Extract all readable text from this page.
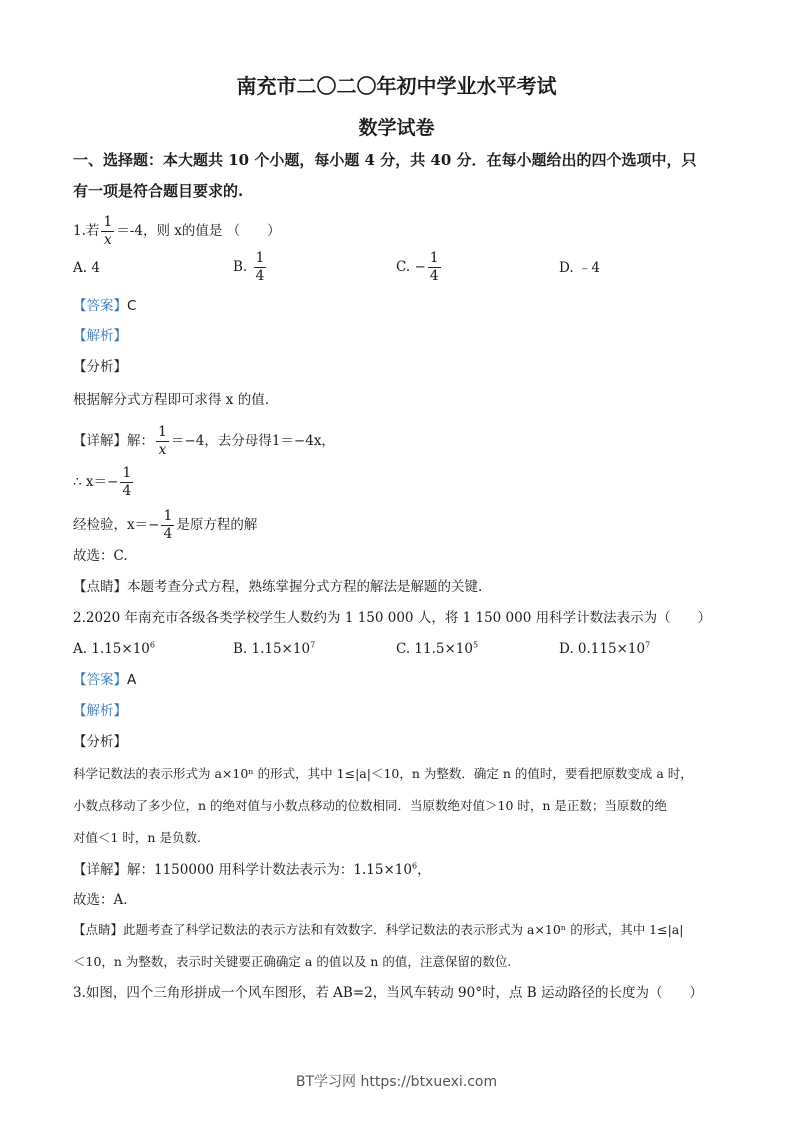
南充市二〇二〇年初中学业水平考试
数学试卷
一、选择题：本大题共 10 个小题，每小题 4 分，共 40 分．在每小题给出的四个选项中，只
有一项是符合题目要求的.
1.若 $\frac{1}{x} =-4$，则 x的值是 （　　）
A. 4	B. $\frac{1}{4}$	C. − $\frac{1}{4}$	D. ﹣4
【答案】C
【解析】
【分析】
根据解分式方程即可求得 x 的值.
【详解】解： $\frac{1}{x} =-4$，去分母得1＝−4x，
∴ $x=- \frac{1}{4}$
经检验，$x=- \frac{1}{4}$ 是原方程的解
故选：C.
【点睛】本题考查分式方程，熟练掌握分式方程的解法是解题的关键.
2.2020 年南充市各级各类学校学生人数约为 1 150 000 人，将 1 150 000 用科学计数法表示为（　　）
A. $1.15\times 10^6$	B. $1.15\times 10^7$	C. $11.5\times 10^5$	D. $0.115\times 10^7$
【答案】A
【解析】
【分析】
科学记数法的表示形式为 a×10ⁿ 的形式，其中 1≤|a|＜10，n 为整数．确定 n 的值时，要看把原数变成 a 时，
小数点移动了多少位，n 的绝对值与小数点移动的位数相同．当原数绝对值＞10 时，n 是正数；当原数的绝
对值＜1 时，n 是负数.
【详解】解：1150000 用科学计数法表示为：$1.15\times 10^6$，
故选：A.
【点睛】此题考查了科学记数法的表示方法和有效数字．科学记数法的表示形式为 a×10ⁿ 的形式，其中 1≤|a|
＜10，n 为整数，表示时关键要正确确定 a 的值以及 n 的值，注意保留的数位.
3.如图，四个三角形拼成一个风车图形，若 AB=2，当风车转动 90°时，点 B 运动路径的长度为（　　）
BT学习网 https://btxuexi.com
